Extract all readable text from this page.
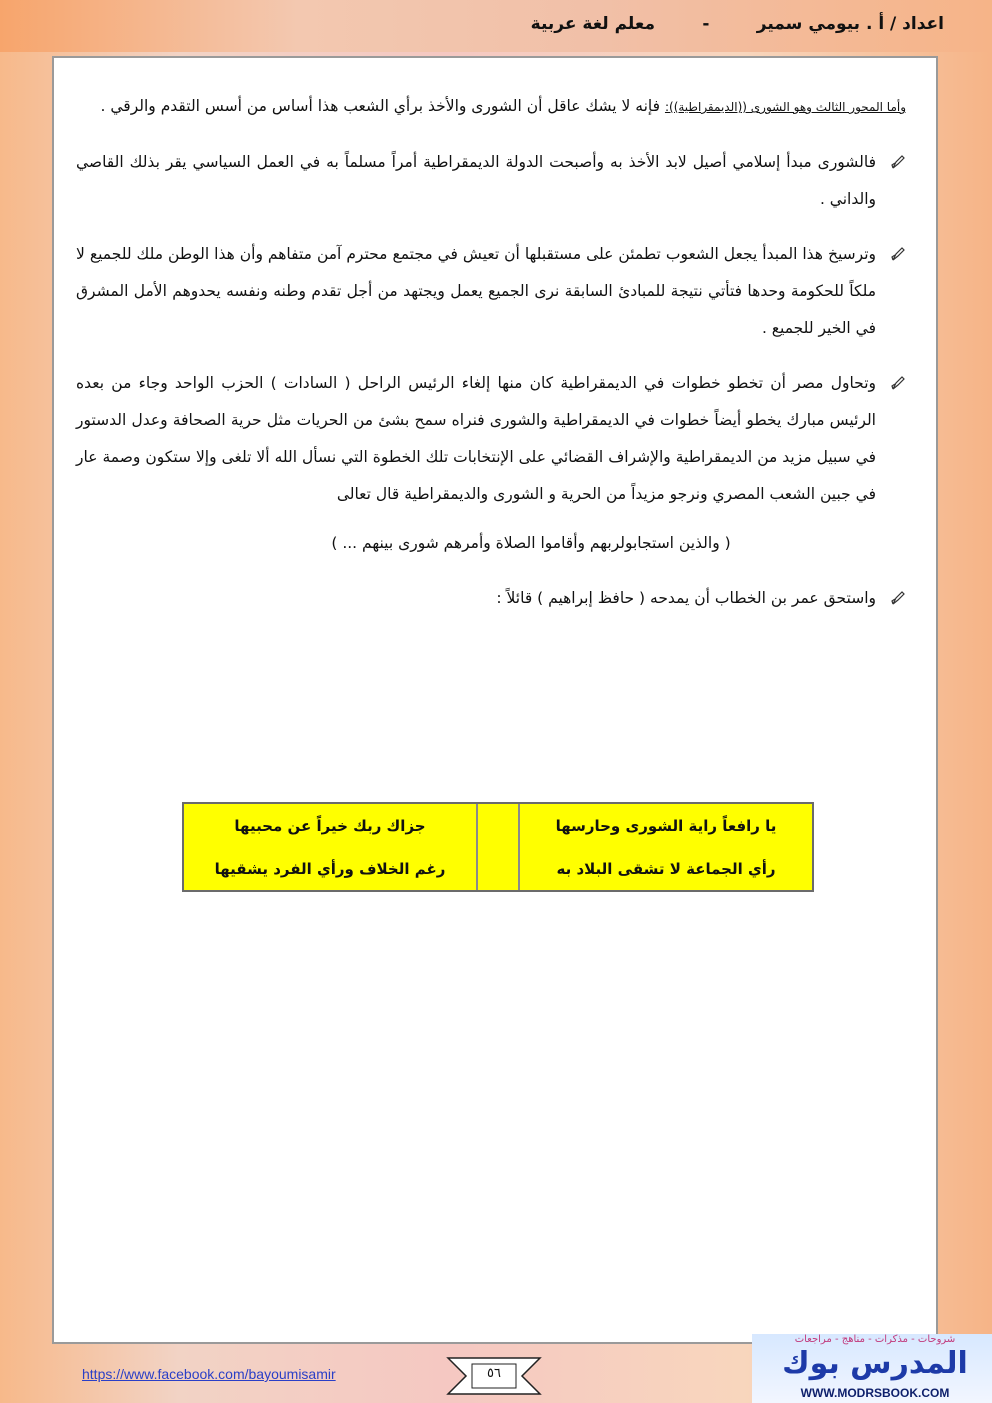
اعداد / أ . بيومي سمير        -        معلم لغة عربية
وأما المحور الثالث وهو الشورى ((الديمقراطية)): فإنه لا يشك عاقل أن الشورى والأخذ برأي الشعب هذا أساس من أسس التقدم والرقي .
فالشورى مبدأ إسلامي أصيل لابد الأخذ به وأصبحت الدولة الديمقراطية أمراً مسلماً به في العمل السياسي يقر بذلك القاصي والداني .
وترسيخ هذا المبدأ يجعل الشعوب تطمئن على مستقبلها أن تعيش في مجتمع محترم آمن متفاهم وأن هذا الوطن ملك للجميع لا ملكاً للحكومة وحدها فتأتي نتيجة للمبادئ السابقة نرى الجميع يعمل ويجتهد من أجل تقدم وطنه ونفسه يحدوهم الأمل المشرق في الخير للجميع .
وتحاول مصر أن تخطو خطوات في الديمقراطية كان منها إلغاء الرئيس الراحل ( السادات ) الحزب الواحد وجاء من بعده الرئيس مبارك يخطو أيضاً خطوات في الديمقراطية والشورى فنراه سمح بشئ من الحريات مثل حرية الصحافة وعدل الدستور في سبيل مزيد من الديمقراطية والإشراف القضائي على الإنتخابات تلك الخطوة التي نسأل الله ألا تلغى وإلا ستكون وصمة عار في جبين الشعب المصري ونرجو مزيداً من الحرية و الشورى والديمقراطية قال تعالى
( والذين استجابولربهم وأقاموا الصلاة وأمرهم شورى بينهم ... )
واستحق عمر بن الخطاب أن يمدحه ( حافظ إبراهيم ) قائلاً :
يا رافعاً راية الشورى وحارسها
رأي الجماعة لا تشقى البلاد به
جزاك ربك خيراً عن محبيها
رغم الخلاف ورأي الفرد يشقيها
https://www.facebook.com/bayoumisamir	٥٦
شروحات - مذكرات - مناهج - مراجعات
المدرس بوك
WWW.MODRSBOOK.COM
